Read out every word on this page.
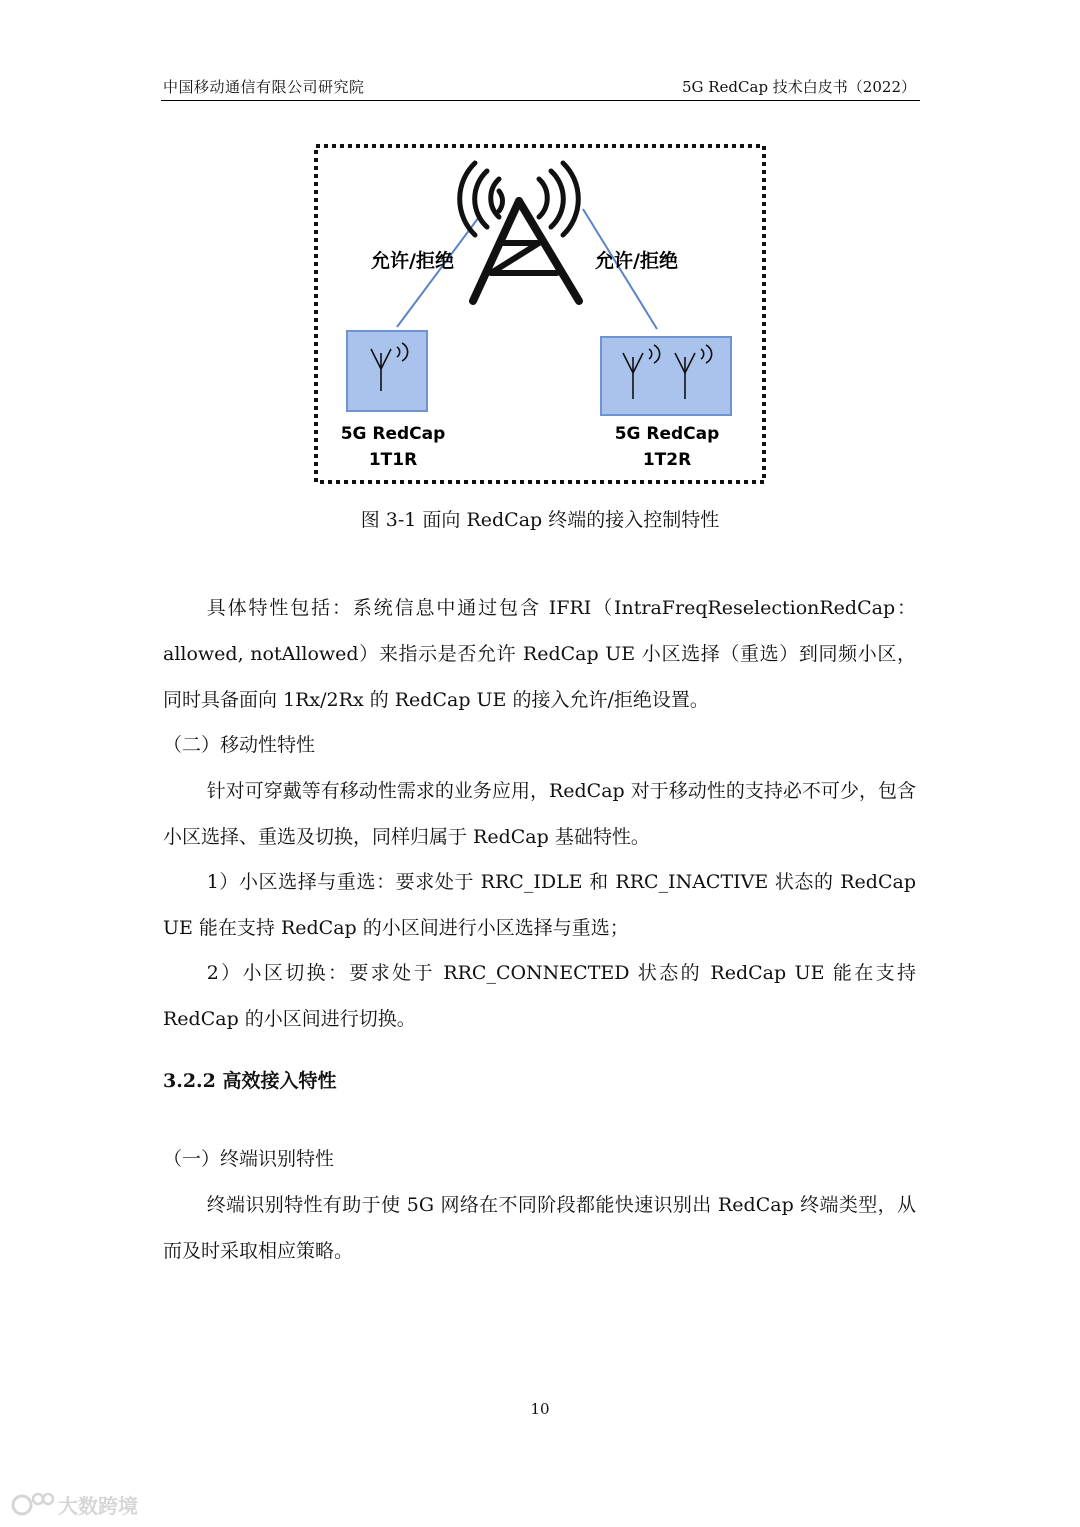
中国移动通信有限公司研究院	5G RedCap 技术白皮书（2022）
允许/拒绝	允许/拒绝
5G RedCap
1T1R
5G RedCap
1T2R
图 3-1 面向 RedCap 终端的接入控制特性

具体特性包括：系统信息中通过包含 IFRI（IntraFreqReselectionRedCap：allowed, notAllowed）来指示是否允许 RedCap UE 小区选择（重选）到同频小区，同时具备面向 1Rx/2Rx 的 RedCap UE 的接入允许/拒绝设置。

（二）移动性特性

针对可穿戴等有移动性需求的业务应用，RedCap 对于移动性的支持必不可少，包含小区选择、重选及切换，同样归属于 RedCap 基础特性。

1）小区选择与重选：要求处于 RRC_IDLE 和 RRC_INACTIVE 状态的 RedCap UE 能在支持 RedCap 的小区间进行小区选择与重选；

2）小区切换：要求处于 RRC_CONNECTED 状态的 RedCap UE 能在支持 RedCap 的小区间进行切换。

3.2.2 高效接入特性

（一）终端识别特性

终端识别特性有助于使 5G 网络在不同阶段都能快速识别出 RedCap 终端类型，从而及时采取相应策略。

10
大数跨境
